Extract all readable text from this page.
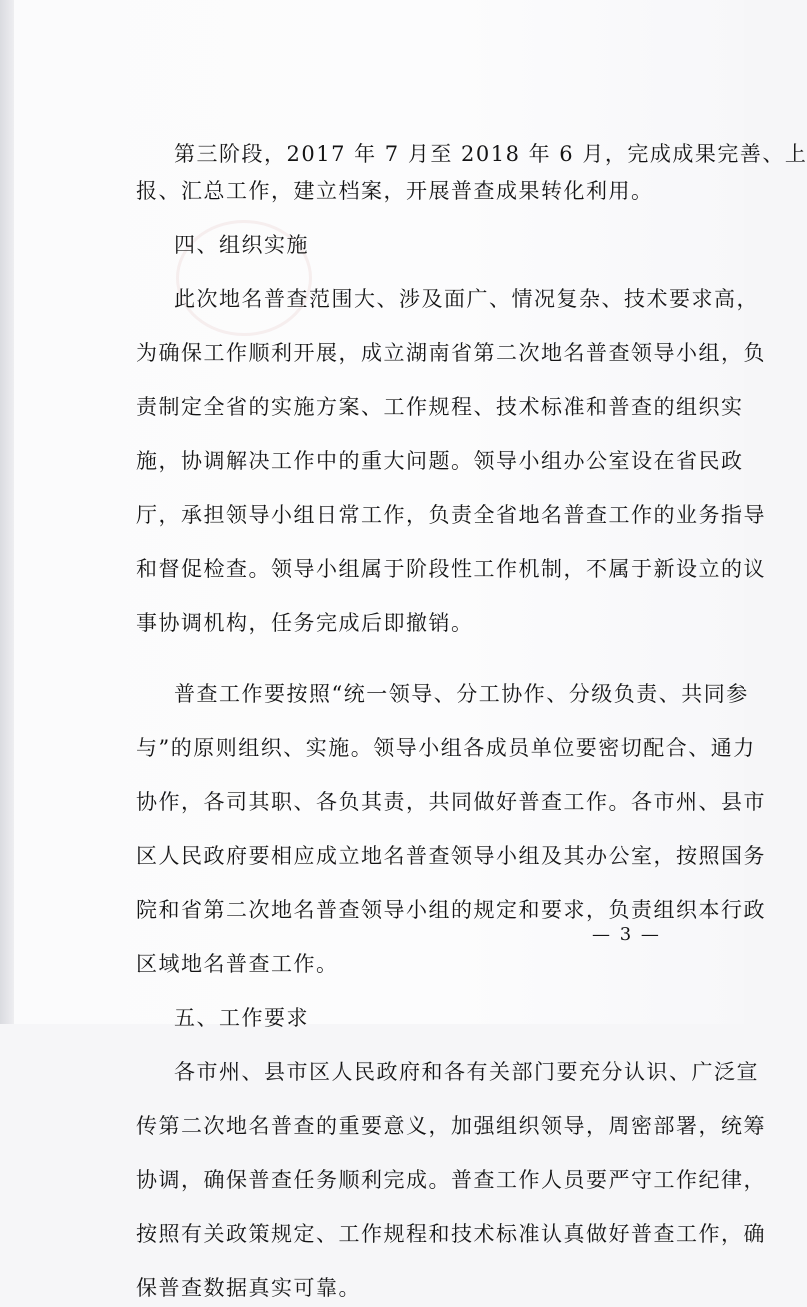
第三阶段，2017 年 7 月至 2018 年 6 月，完成成果完善、上
报、汇总工作，建立档案，开展普查成果转化利用。
四、组织实施
此次地名普查范围大、涉及面广、情况复杂、技术要求高，
为确保工作顺利开展，成立湖南省第二次地名普查领导小组，负
责制定全省的实施方案、工作规程、技术标准和普查的组织实
施，协调解决工作中的重大问题。领导小组办公室设在省民政
厅，承担领导小组日常工作，负责全省地名普查工作的业务指导
和督促检查。领导小组属于阶段性工作机制，不属于新设立的议
事协调机构，任务完成后即撤销。
普查工作要按照“统一领导、分工协作、分级负责、共同参
与”的原则组织、实施。领导小组各成员单位要密切配合、通力
协作，各司其职、各负其责，共同做好普查工作。各市州、县市
区人民政府要相应成立地名普查领导小组及其办公室，按照国务
院和省第二次地名普查领导小组的规定和要求，负责组织本行政
区域地名普查工作。
五、工作要求
各市州、县市区人民政府和各有关部门要充分认识、广泛宣
传第二次地名普查的重要意义，加强组织领导，周密部署，统筹
协调，确保普查任务顺利完成。普查工作人员要严守工作纪律，
按照有关政策规定、工作规程和技术标准认真做好普查工作，确
保普查数据真实可靠。
— 3 —
